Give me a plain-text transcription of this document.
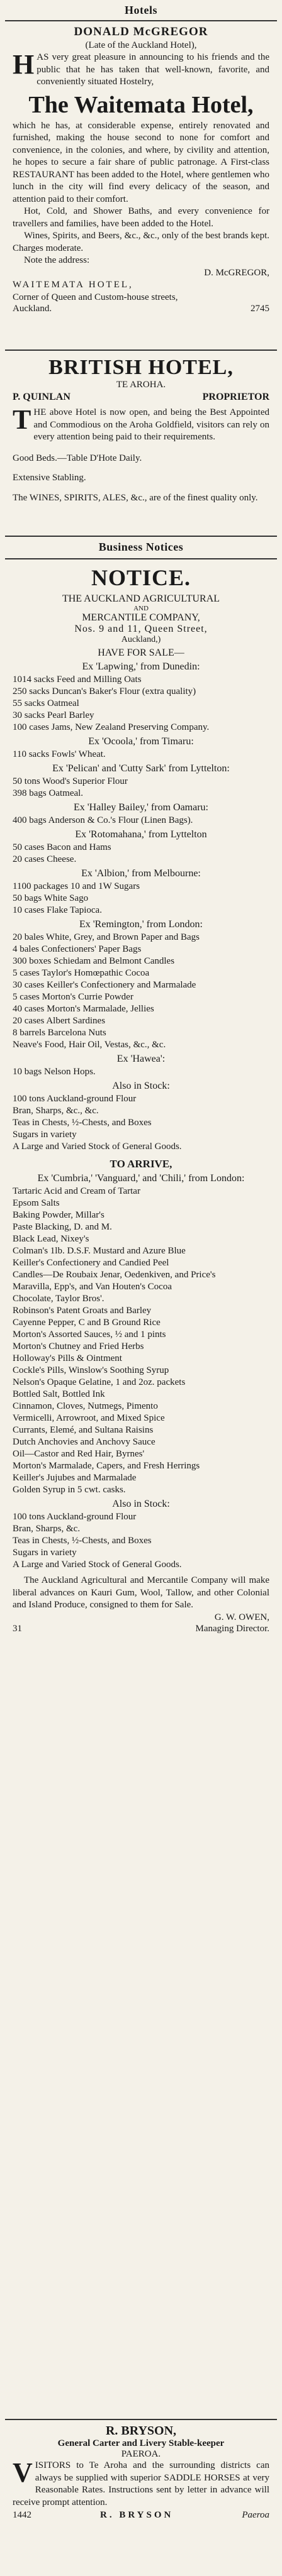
Hotels
DONALD McGREGOR
(Late of the Auckland Hotel),

HAS very great pleasure in announcing to his friends and the public that he has taken that well-known, favorite, and conveniently situated Hostelry,

The Waitemata Hotel,

which he has, at considerable expense, entirely renovated and furnished, making the house second to none for comfort and convenience, in the colonies, and where, by civility and attention, he hopes to secure a fair share of public patronage. A First-class RESTAURANT has been added to the Hotel, where gentlemen who lunch in the city will find every delicacy of the season, and attention paid to their comfort.

Hot, Cold, and Shower Baths, and every convenience for travellers and families, have been added to the Hotel.

Wines, Spirits, and Beers, &c., &c., only of the best brands kept. Charges moderate.

Note the address:

D. McGREGOR,

WAITEMATA HOTEL,

Corner of Queen and Custom-house streets,

Auckland.	2745
BRITISH HOTEL,
TE AROHA.
P. QUINLAN	PROPRIETOR

THE above Hotel is now open, and being the Best Appointed and Commodious on the Aroha Goldfield, visitors can rely on every attention being paid to their requirements.

Good Beds.—Table D'Hote Daily.

Extensive Stabling.

The WINES, SPIRITS, ALES, &c., are of the finest quality only.

Business Notices
NOTICE.
THE AUCKLAND AGRICULTURAL
AND
MERCANTILE COMPANY,
Nos. 9 and 11, Queen Street,
Auckland,)
HAVE FOR SALE—
Ex 'Lapwing,' from Dunedin:

1014 sacks Feed and Milling Oats

250 sacks Duncan's Baker's Flour (extra quality)

55 sacks Oatmeal

30 sacks Pearl Barley

100 cases Jams, New Zealand Preserving Company.

Ex 'Ocoola,' from Timaru:

110 sacks Fowls' Wheat.

Ex 'Pelican' and 'Cutty Sark' from Lyttelton:

50 tons Wood's Superior Flour

398 bags Oatmeal.

Ex 'Halley Bailey,' from Oamaru:

400 bags Anderson & Co.'s Flour (Linen Bags).

Ex 'Rotomahana,' from Lyttelton

50 cases Bacon and Hams

20 cases Cheese.

Ex 'Albion,' from Melbourne:

1100 packages 10 and 1W Sugars

50 bags White Sago

10 cases Flake Tapioca.

Ex 'Remington,' from London:

20 bales White, Grey, and Brown Paper and Bags

4 bales Confectioners' Paper Bags

300 boxes Schiedam and Belmont Candles

5 cases Taylor's Homœpathic Cocoa

30 cases Keiller's Confectionery and Marmalade

5 cases Morton's Currie Powder

40 cases Morton's Marmalade, Jellies

20 cases Albert Sardines

8 barrels Barcelona Nuts

Neave's Food, Hair Oil, Vestas, &c., &c.

Ex 'Hawea':

10 bags Nelson Hops.

Also in Stock:

100 tons Auckland-ground Flour

Bran, Sharps, &c., &c.

Teas in Chests, ½-Chests, and Boxes

Sugars in variety

A Large and Varied Stock of General Goods.

TO ARRIVE,
Ex 'Cumbria,' 'Vanguard,' and 'Chili,' from London:

Tartaric Acid and Cream of Tartar

Epsom Salts

Baking Powder, Millar's

Paste Blacking, D. and M.

Black Lead, Nixey's

Colman's 1lb. D.S.F. Mustard and Azure Blue

Keiller's Confectionery and Candied Peel

Candles—De Roubaix Jenar, Oedenkiven, and Price's

Maravilla, Epp's, and Van Houten's Cocoa

Chocolate, Taylor Bros'.

Robinson's Patent Groats and Barley

Cayenne Pepper, C and B Ground Rice

Morton's Assorted Sauces, ½ and 1 pints

Morton's Chutney and Fried Herbs

Holloway's Pills & Ointment

Cockle's Pills, Winslow's Soothing Syrup

Nelson's Opaque Gelatine, 1 and 2oz. packets

Bottled Salt, Bottled Ink

Cinnamon, Cloves, Nutmegs, Pimento

Vermicelli, Arrowroot, and Mixed Spice

Currants, Elemé, and Sultana Raisins

Dutch Anchovies and Anchovy Sauce

Oil—Castor and Red Hair, Byrnes'

Morton's Marmalade, Capers, and Fresh Herrings

Keiller's Jujubes and Marmalade

Golden Syrup in 5 cwt. casks.

Also in Stock:

100 tons Auckland-ground Flour

Bran, Sharps, &c.

Teas in Chests, ½-Chests, and Boxes

Sugars in variety

A Large and Varied Stock of General Goods.

The Auckland Agricultural and Mercantile Company will make liberal advances on Kauri Gum, Wool, Tallow, and other Colonial and Island Produce, consigned to them for Sale.

G. W. OWEN,

31	Managing Director.
R. BRYSON,
General Carter and Livery Stable-keeper
PAEROA.

VISITORS to Te Aroha and the surrounding districts can always be supplied with superior SADDLE HORSES at very Reasonable Rates. Instructions sent by letter in advance will receive prompt attention.

1442	R. BRYSON	Paeroa
